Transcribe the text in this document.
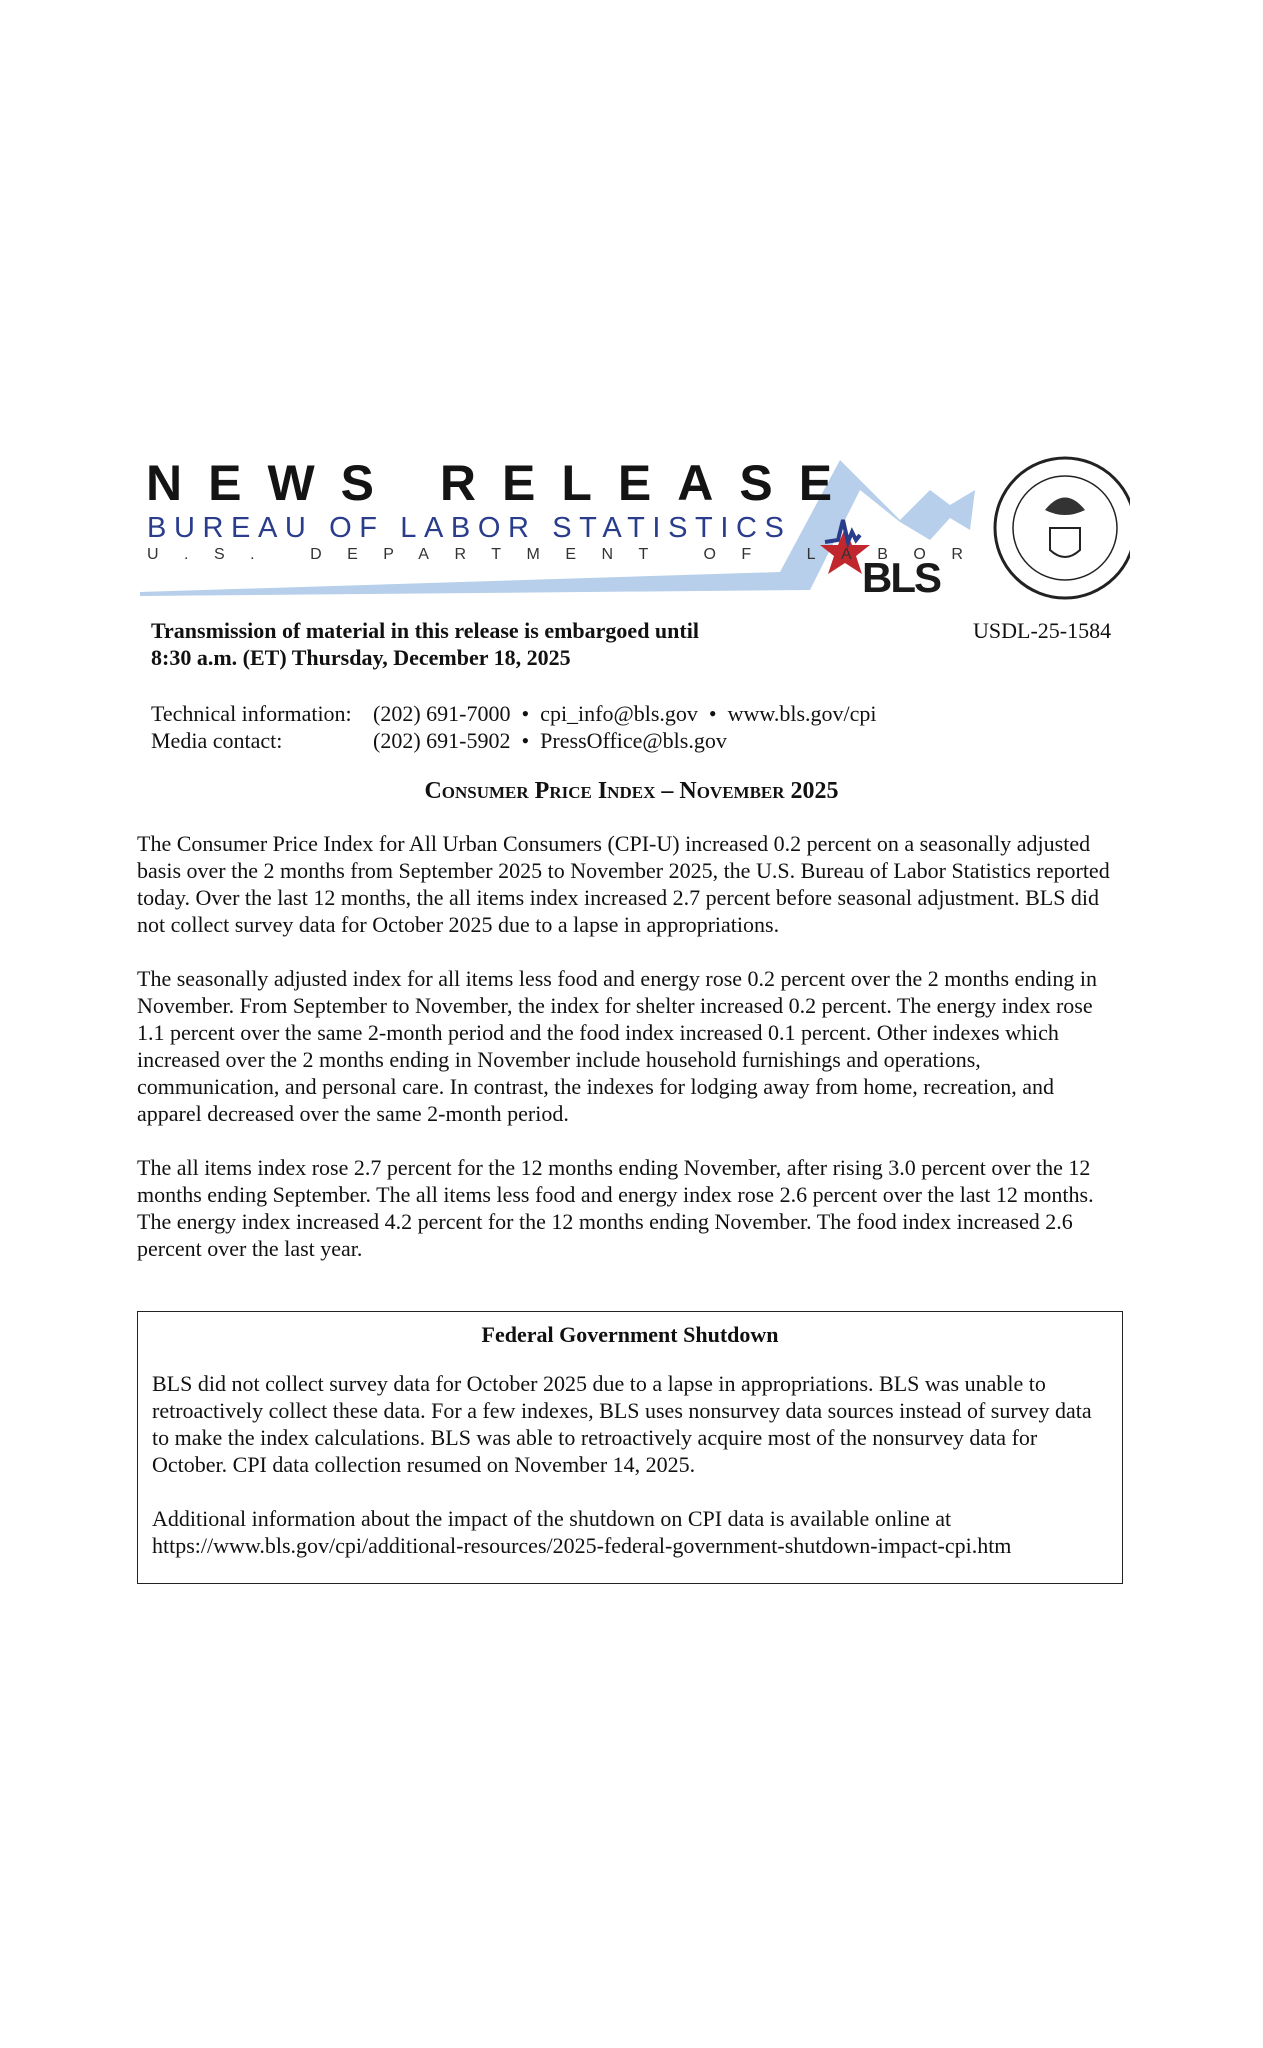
BLS
NEWS RELEASE
BUREAU OF LABOR STATISTICS
U.S. DEPARTMENT OF LABOR
Transmission of material in this release is embargoed until
8:30 a.m. (ET) Thursday, December 18, 2025
USDL-25-1584
Technical information: (202) 691-7000  •  cpi_info@bls.gov  •  www.bls.gov/cpi
Media contact:	(202) 691-5902  •  PressOffice@bls.gov
Consumer Price Index – November 2025

The Consumer Price Index for All Urban Consumers (CPI-U) increased 0.2 percent on a seasonally adjusted basis over the 2 months from September 2025 to November 2025, the U.S. Bureau of Labor Statistics reported today. Over the last 12 months, the all items index increased 2.7 percent before seasonal adjustment. BLS did not collect survey data for October 2025 due to a lapse in appropriations.

The seasonally adjusted index for all items less food and energy rose 0.2 percent over the 2 months ending in November. From September to November, the index for shelter increased 0.2 percent. The energy index rose 1.1 percent over the same 2-month period and the food index increased 0.1 percent. Other indexes which increased over the 2 months ending in November include household furnishings and operations, communication, and personal care. In contrast, the indexes for lodging away from home, recreation, and apparel decreased over the same 2-month period.

The all items index rose 2.7 percent for the 12 months ending November, after rising 3.0 percent over the 12 months ending September. The all items less food and energy index rose 2.6 percent over the last 12 months. The energy index increased 4.2 percent for the 12 months ending November. The food index increased 2.6 percent over the last year.

Federal Government Shutdown

BLS did not collect survey data for October 2025 due to a lapse in appropriations. BLS was unable to retroactively collect these data. For a few indexes, BLS uses nonsurvey data sources instead of survey data to make the index calculations. BLS was able to retroactively acquire most of the nonsurvey data for October. CPI data collection resumed on November 14, 2025.

Additional information about the impact of the shutdown on CPI data is available online at https://www.bls.gov/cpi/additional-resources/2025-federal-government-shutdown-impact-cpi.htm
